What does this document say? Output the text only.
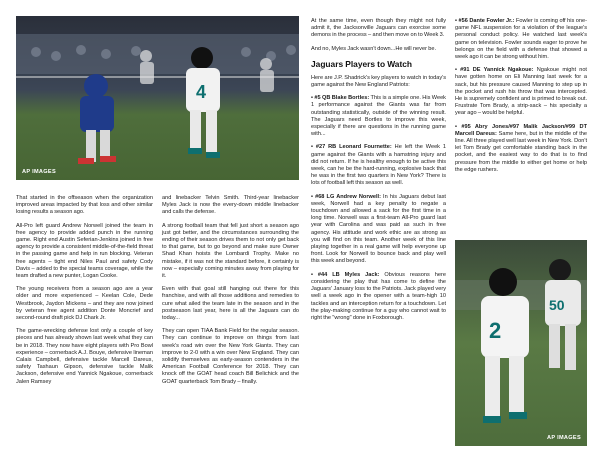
4
AP IMAGES

That started in the offseason when the organization improved areas impacted by that loss and other similar losing results a season ago.

All-Pro left guard Andrew Norwell joined the team in free agency to provide added punch in the running game. Right end Austin Seferian-Jenkins joined in free agency to provide a consistent middle-of-the-field threat in the passing game and help in run blocking. Veteran free agents – tight end Niles Paul and safety Cody Davis – added to the special teams coverage, while the team drafted a new punter, Logan Cooke.

The young receivers from a season ago are a year older and more experienced – Keelan Cole, Dede Westbrook, Jaydon Mickens – and they are now joined by veteran free agent addition Donte Moncrief and second-round draft pick DJ Chark Jr.

The game-wrecking defense lost only a couple of key pieces and has already shown last week what they can be in 2018. They now have eight players with Pro Bowl experience – cornerback A.J. Bouye, defensive lineman Calais Campbell, defensive tackle Marcell Dareus, safety Tashaun Gipson, defensive tackle Malik Jackson, defensive end Yannick Ngakoue, cornerback Jalen Ramsey

and linebacker Telvin Smith. Third-year linebacker Myles Jack is now the every-down middle linebacker and calls the defense.

A strong football team that fell just short a season ago just got better, and the circumstances surrounding the ending of their season drives them to not only get back to that game, but to go beyond and make sure Owner Shad Khan hoists the Lombardi Trophy. Make no mistake, if it was not the standard before, it certainly is now – especially coming minutes away from playing for it.

Even with that goal still hanging out there for this franchise, and with all those additions and remedies to cure what ailed the team late in the season and in the postseason last year, here is all the Jaguars can do today...

They can open TIAA Bank Field for the regular season. They can continue to improve on things from last week's road win over the New York Giants. They can improve to 2-0 with a win over New England. They can solidify themselves as early-season contenders in the American Football Conference for 2018. They can knock off the GOAT head coach Bill Belichick and the GOAT quarterback Tom Brady – finally.

At the same time, even though they might not fully admit it, the Jacksonville Jaguars can exorcise some demons in the process – and then move on to Week 3.

And no, Myles Jack wasn't down...He will never be.

Jaguars Players to Watch

Here are J.P. Shadrick's key players to watch in today's game against the New England Patriots:

• #5 QB Blake Bortles: This is a simple one. His Week 1 performance against the Giants was far from outstanding statistically, outside of the winning result. The Jaguars need Bortles to improve this week, especially if there are questions in the running game with...

• #27 RB Leonard Fournette: He left the Week 1 game against the Giants with a hamstring injury and did not return. If he is healthy enough to be active this week, can he be the hard-running, explosive back that he was in the first two quarters in New York? There is lots of football left this season as well.

• #68 LG Andrew Norwell: In his Jaguars debut last week, Norwell had a key penalty to negate a touchdown and allowed a sack for the first time in a long time. Norwell was a first-team All-Pro guard last year with Carolina and was paid as such in free agency. His attitude and work ethic are as strong as you will find on this team. Another week of this line playing together in a real game will help everyone up front. Look for Norwell to bounce back and play well this week and beyond.

• #44 LB Myles Jack: Obvious reasons here considering the play that has come to define the Jaguars' January loss to the Patriots. Jack played very well a week ago in the opener with a team-high 10 tackles and an interception return for a touchdown. Let the play-making continue for a guy who cannot wait to right the "wrong" done in Foxborough.

• #56 Dante Fowler Jr.: Fowler is coming off his one-game NFL suspension for a violation of the league's personal conduct policy. He watched last week's game on television. Fowler sounds eager to prove he belongs on the field with a defense that showed a week ago it can be strong without him.

• #91 DE Yannick Ngakoue: Ngakoue might not have gotten home on Eli Manning last week for a sack, but his pressure caused Manning to step up in the pocket and rush his throw that was intercepted. He is supremely confident and is primed to break out. Frustrate Tom Brady, a strip-sack – his specialty a year ago – would be helpful.

• #95 Abry Jones/#97 Malik Jackson/#99 DT Marcell Dareus: Same here, but in the middle of the line. All three played well last week in New York. Don't let Tom Brady get comfortable standing back in the pocket, and the easiest way to do that is to find pressure from the middle to either get home or help the edge rushers.

2
50
AP IMAGES
